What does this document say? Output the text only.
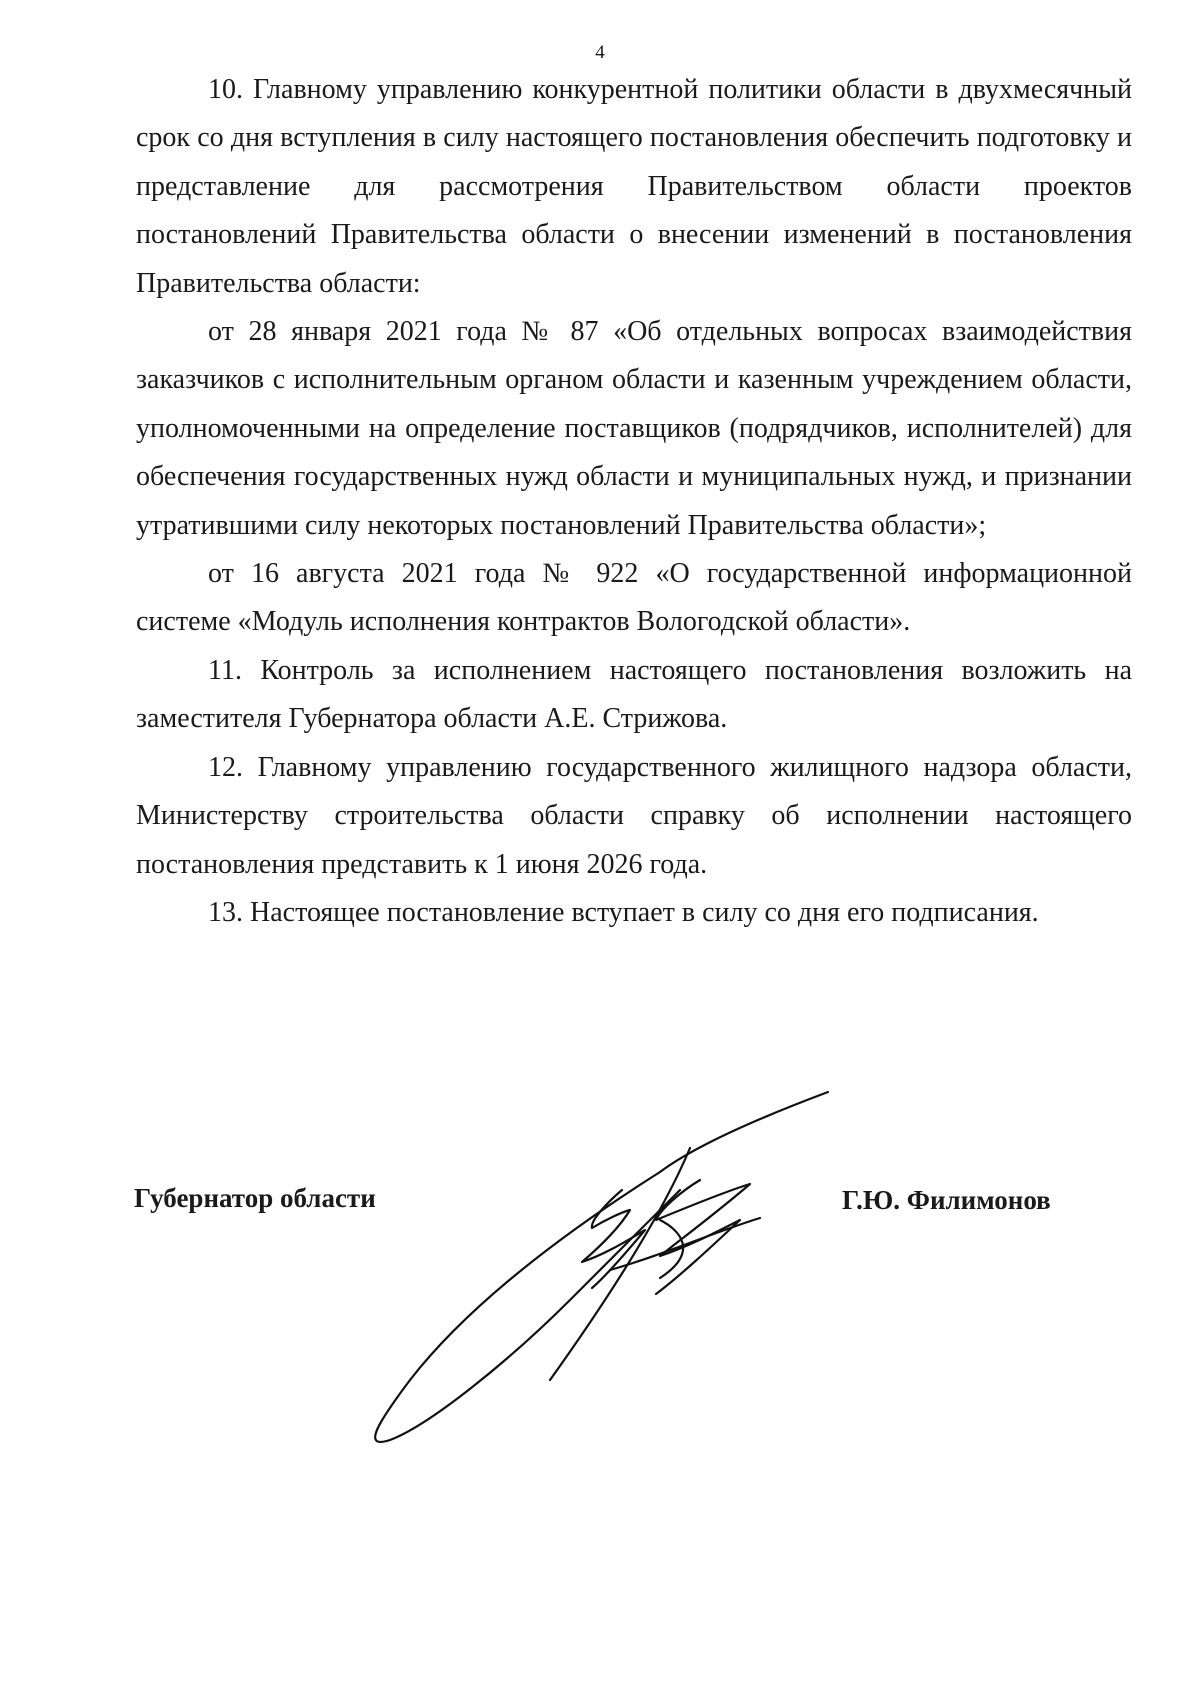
4

10. Главному управлению конкурентной политики области в двухмесячный срок со дня вступления в силу настоящего постановления обеспечить подготовку и представление для рассмотрения Правительством области проектов постановлений Правительства области о внесении изменений в постановления Правительства области:

от 28 января 2021 года № 87 «Об отдельных вопросах взаимодействия заказчиков с исполнительным органом области и казенным учреждением области, уполномоченными на определение поставщиков (подрядчиков, исполнителей) для обеспечения государственных нужд области и муниципальных нужд, и признании утратившими силу некоторых постановлений Правительства области»;

от 16 августа 2021 года № 922 «О государственной информационной системе «Модуль исполнения контрактов Вологодской области».

11. Контроль за исполнением настоящего постановления возложить на заместителя Губернатора области А.Е. Стрижова.

12. Главному управлению государственного жилищного надзора области, Министерству строительства области справку об исполнении настоящего постановления представить к 1 июня 2026 года.

13. Настоящее постановление вступает в силу со дня его подписания.

Губернатор области	Г.Ю. Филимонов
